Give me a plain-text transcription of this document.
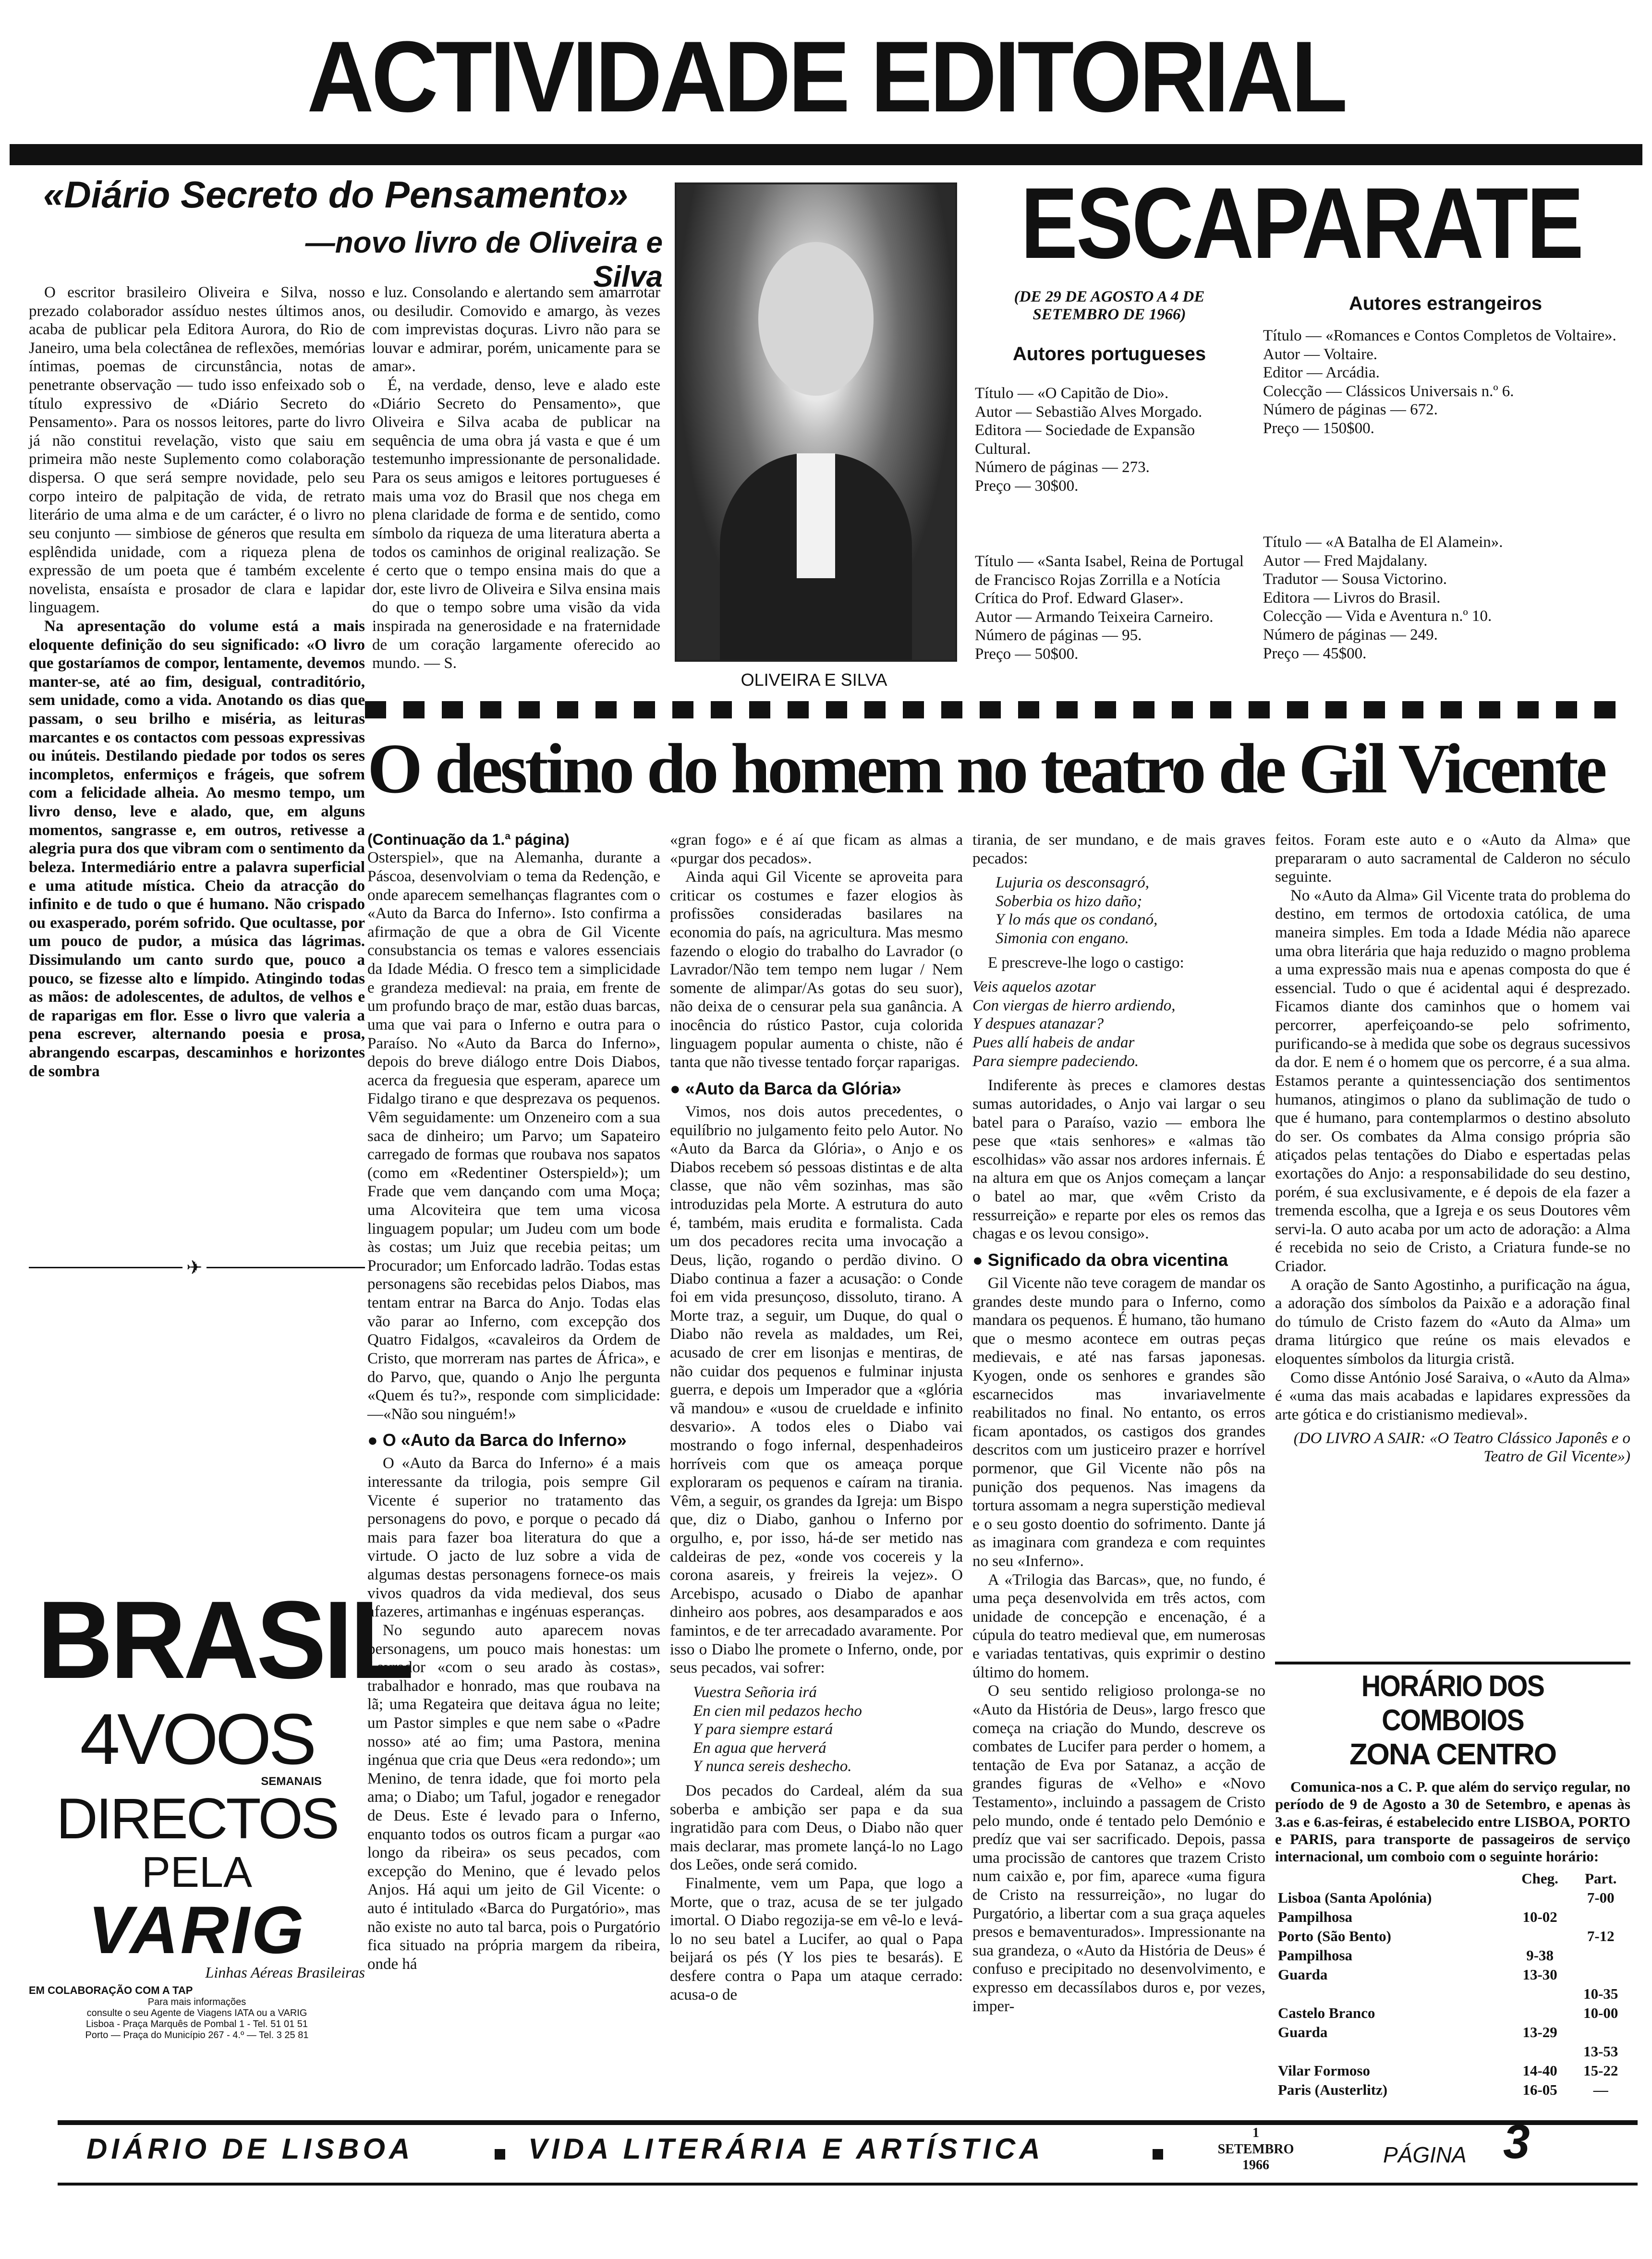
ACTIVIDADE EDITORIAL
«Diário Secreto do Pensamento»
—novo livro de Oliveira e Silva

O escritor brasileiro Oliveira e Silva, nosso prezado colaborador assíduo nestes últimos anos, acaba de publicar pela Editora Aurora, do Rio de Janeiro, uma bela colectânea de reflexões, memórias íntimas, poemas de circunstância, notas de penetrante observação — tudo isso enfeixado sob o título expressivo de «Diário Secreto do Pensamento». Para os nossos leitores, parte do livro já não constitui revelação, visto que saiu em primeira mão neste Suplemento como colaboração dispersa. O que será sempre novidade, pelo seu corpo inteiro de palpitação de vida, de retrato literário de uma alma e de um carácter, é o livro no seu conjunto — simbiose de géneros que resulta em esplêndida unidade, com a riqueza plena de expressão de um poeta que é também excelente novelista, ensaísta e prosador de clara e lapidar linguagem.

Na apresentação do volume está a mais eloquente definição do seu significado: «O livro que gostaríamos de compor, lentamente, devemos manter-se, até ao fim, desigual, contraditório, sem unidade, como a vida. Anotando os dias que passam, o seu brilho e miséria, as leituras marcantes e os contactos com pessoas expressivas ou inúteis. Destilando piedade por todos os seres incompletos, enfermiços e frágeis, que sofrem com a felicidade alheia. Ao mesmo tempo, um livro denso, leve e alado, que, em alguns momentos, sangrasse e, em outros, retivesse a alegria pura dos que vibram com o sentimento da beleza. Intermediário entre a palavra superficial e uma atitude mística. Cheio da atracção do infinito e de tudo o que é humano. Não crispado ou exasperado, porém sofrido. Que ocultasse, por um pouco de pudor, a música das lágrimas. Dissimulando um canto surdo que, pouco a pouco, se fizesse alto e límpido. Atingindo todas as mãos: de adolescentes, de adultos, de velhos e de raparigas em flor. Esse o livro que valeria a pena escrever, alternando poesia e prosa, abrangendo escarpas, descaminhos e horizontes de sombra

e luz. Consolando e alertando sem amarrotar ou desiludir. Comovido e amargo, às vezes com imprevistas doçuras. Livro não para se louvar e admirar, porém, unicamente para se amar».

É, na verdade, denso, leve e alado este «Diário Secreto do Pensamento», que Oliveira e Silva acaba de publicar na sequência de uma obra já vasta e que é um testemunho impressionante de personalidade. Para os seus amigos e leitores portugueses é mais uma voz do Brasil que nos chega em plena claridade de forma e de sentido, como símbolo da riqueza de uma literatura aberta a todos os caminhos de original realização. Se é certo que o tempo ensina mais do que a dor, este livro de Oliveira e Silva ensina mais do que o tempo sobre uma visão da vida inspirada na generosidade e na fraternidade de um coração largamente oferecido ao mundo. — S.

OLIVEIRA E SILVA
ESCAPARATE
(DE 29 DE AGOSTO A 4 DE SETEMBRO DE 1966)
Autores portugueses
Autores estrangeiros
Título — «O Capitão de Dio».
Autor — Sebastião Alves Morgado.
Editora — Sociedade de Expansão Cultural.
Número de páginas — 273.
Preço — 30$00.
Título — «Santa Isabel, Reina de Portugal de Francisco Rojas Zorrilla e a Notícia Crítica do Prof. Edward Glaser».
Autor — Armando Teixeira Carneiro.
Número de páginas — 95.
Preço — 50$00.
Título — «Romances e Contos Completos de Voltaire».
Autor — Voltaire.
Editor — Arcádia.
Colecção — Clássicos Universais n.º 6.
Número de páginas — 672.
Preço — 150$00.
Título — «A Batalha de El Alamein».
Autor — Fred Majdalany.
Tradutor — Sousa Victorino.
Editora — Livros do Brasil.
Colecção — Vida e Aventura n.º 10.
Número de páginas — 249.
Preço — 45$00.
O destino do homem no teatro de Gil Vicente
(Continuação da 1.ª página)

Osterspiel», que na Alemanha, durante a Páscoa, desenvolviam o tema da Redenção, e onde aparecem semelhanças flagrantes com o «Auto da Barca do Inferno». Isto confirma a afirmação de que a obra de Gil Vicente consubstancia os temas e valores essenciais da Idade Média. O fresco tem a simplicidade e grandeza medieval: na praia, em frente de um profundo braço de mar, estão duas barcas, uma que vai para o Inferno e outra para o Paraíso. No «Auto da Barca do Inferno», depois do breve diálogo entre Dois Diabos, acerca da freguesia que esperam, aparece um Fidalgo tirano e que desprezava os pequenos. Vêm seguidamente: um Onzeneiro com a sua saca de dinheiro; um Parvo; um Sapateiro carregado de formas que roubava nos sapatos (como em «Redentiner Osterspield»); um Frade que vem dançando com uma Moça; uma Alcoviteira que tem uma vicosa linguagem popular; um Judeu com um bode às costas; um Juiz que recebia peitas; um Procurador; um Enforcado ladrão. Todas estas personagens são recebidas pelos Diabos, mas tentam entrar na Barca do Anjo. Todas elas vão parar ao Inferno, com excepção dos Quatro Fidalgos, «cavaleiros da Ordem de Cristo, que morreram nas partes de África», e do Parvo, que, quando o Anjo lhe pergunta «Quem és tu?», responde com simplicidade: —«Não sou ninguém!»

● O «Auto da Barca do Inferno»

O «Auto da Barca do Inferno» é a mais interessante da trilogia, pois sempre Gil Vicente é superior no tratamento das personagens do povo, e porque o pecado dá mais para fazer boa literatura do que a virtude. O jacto de luz sobre a vida de algumas destas personagens fornece-os mais vivos quadros da vida medieval, dos seus afazeres, artimanhas e ingénuas esperanças.

No segundo auto aparecem novas personagens, um pouco mais honestas: um Lavrador «com o seu arado às costas», trabalhador e honrado, mas que roubava na lã; uma Regateira que deitava água no leite; um Pastor simples e que nem sabe o «Padre nosso» até ao fim; uma Pastora, menina ingénua que cria que Deus «era redondo»; um Menino, de tenra idade, que foi morto pela ama; o Diabo; um Taful, jogador e renegador de Deus. Este é levado para o Inferno, enquanto todos os outros ficam a purgar «ao longo da ribeira» os seus pecados, com excepção do Menino, que é levado pelos Anjos. Há aqui um jeito de Gil Vicente: o auto é intitulado «Barca do Purgatório», mas não existe no auto tal barca, pois o Purgatório fica situado na própria margem da ribeira, onde há

«gran fogo» e é aí que ficam as almas a «purgar dos pecados».

Ainda aqui Gil Vicente se aproveita para criticar os costumes e fazer elogios às profissões consideradas basilares na economia do país, na agricultura. Mas mesmo fazendo o elogio do trabalho do Lavrador (o Lavrador/Não tem tempo nem lugar / Nem somente de alimpar/As gotas do seu suor), não deixa de o censurar pela sua ganância. A inocência do rústico Pastor, cuja colorida linguagem popular aumenta o chiste, não é tanta que não tivesse tentado forçar raparigas.

● «Auto da Barca da Glória»

Vimos, nos dois autos precedentes, o equilíbrio no julgamento feito pelo Autor. No «Auto da Barca da Glória», o Anjo e os Diabos recebem só pessoas distintas e de alta classe, que não vêm sozinhas, mas são introduzidas pela Morte. A estrutura do auto é, também, mais erudita e formalista. Cada um dos pecadores recita uma invocação a Deus, lição, rogando o perdão divino. O Diabo continua a fazer a acusação: o Conde foi em vida presunçoso, dissoluto, tirano. A Morte traz, a seguir, um Duque, do qual o Diabo não revela as maldades, um Rei, acusado de crer em lisonjas e mentiras, de não cuidar dos pequenos e fulminar injusta guerra, e depois um Imperador que a «glória vã mandou» e «usou de crueldade e infinito desvario». A todos eles o Diabo vai mostrando o fogo infernal, despenhadeiros horríveis com que os ameaça porque exploraram os pequenos e caíram na tirania. Vêm, a seguir, os grandes da Igreja: um Bispo que, diz o Diabo, ganhou o Inferno por orgulho, e, por isso, há-de ser metido nas caldeiras de pez, «onde vos cocereis y la corona asareis, y freireis la vejez». O Arcebispo, acusado o Diabo de apanhar dinheiro aos pobres, aos desamparados e aos famintos, e de ter arrecadado avaramente. Por isso o Diabo lhe promete o Inferno, onde, por seus pecados, vai sofrer:

Vuestra Señoria irá
En cien mil pedazos hecho
Y para siempre estará
En agua que herverá
Y nunca sereis deshecho.

Dos pecados do Cardeal, além da sua soberba e ambição ser papa e da sua ingratidão para com Deus, o Diabo não quer mais declarar, mas promete lançá-lo no Lago dos Leões, onde será comido.

Finalmente, vem um Papa, que logo a Morte, que o traz, acusa de se ter julgado imortal. O Diabo regozija-se em vê-lo e levá-lo no seu batel a Lucifer, ao qual o Papa beijará os pés (Y los pies te besarás). E desfere contra o Papa um ataque cerrado: acusa-o de

tirania, de ser mundano, e de mais graves pecados:

Lujuria os desconsagró,
Soberbia os hizo daño;
Y lo más que os condanó,
Simonia con engano.

E prescreve-lhe logo o castigo:

Veis aquelos azotar
Con viergas de hierro ardiendo,
Y despues atanazar?
Pues allí habeis de andar
Para siempre padeciendo.

Indiferente às preces e clamores destas sumas autoridades, o Anjo vai largar o seu batel para o Paraíso, vazio — embora lhe pese que «tais senhores» e «almas tão escolhidas» vão assar nos ardores infernais. É na altura em que os Anjos começam a lançar o batel ao mar, que «vêm Cristo da ressurreição» e reparte por eles os remos das chagas e os levou consigo».

● Significado da obra vicentina

Gil Vicente não teve coragem de mandar os grandes deste mundo para o Inferno, como mandara os pequenos. É humano, tão humano que o mesmo acontece em outras peças medievais, e até nas farsas japonesas. Kyogen, onde os senhores e grandes são escarnecidos mas invariavelmente reabilitados no final. No entanto, os erros ficam apontados, os castigos dos grandes descritos com um justiceiro prazer e horrível pormenor, que Gil Vicente não pôs na punição dos pequenos. Nas imagens da tortura assomam a negra superstição medieval e o seu gosto doentio do sofrimento. Dante já as imaginara com grandeza e com requintes no seu «Inferno».

A «Trilogia das Barcas», que, no fundo, é uma peça desenvolvida em três actos, com unidade de concepção e encenação, é a cúpula do teatro medieval que, em numerosas e variadas tentativas, quis exprimir o destino último do homem.

O seu sentido religioso prolonga-se no «Auto da História de Deus», largo fresco que começa na criação do Mundo, descreve os combates de Lucifer para perder o homem, a tentação de Eva por Satanaz, a acção de grandes figuras de «Velho» e «Novo Testamento», incluindo a passagem de Cristo pelo mundo, onde é tentado pelo Demónio e predíz que vai ser sacrificado. Depois, passa uma procissão de cantores que trazem Cristo num caixão e, por fim, aparece «uma figura de Cristo na ressurreição», no lugar do Purgatório, a libertar com a sua graça aqueles presos e bemaventurados». Impressionante na sua grandeza, o «Auto da História de Deus» é confuso e precipitado no desenvolvimento, e expresso em decassílabos duros e, por vezes, imper-

feitos. Foram este auto e o «Auto da Alma» que prepararam o auto sacramental de Calderon no século seguinte.

No «Auto da Alma» Gil Vicente trata do problema do destino, em termos de ortodoxia católica, de uma maneira simples. Em toda a Idade Média não aparece uma obra literária que haja reduzido o magno problema a uma expressão mais nua e apenas composta do que é essencial. Tudo o que é acidental aqui é desprezado. Ficamos diante dos caminhos que o homem vai percorrer, aperfeiçoando-se pelo sofrimento, purificando-se à medida que sobe os degraus sucessivos da dor. E nem é o homem que os percorre, é a sua alma. Estamos perante a quintessenciação dos sentimentos humanos, atingimos o plano da sublimação de tudo o que é humano, para contemplarmos o destino absoluto do ser. Os combates da Alma consigo própria são atiçados pelas tentações do Diabo e espertadas pelas exortações do Anjo: a responsabilidade do seu destino, porém, é sua exclusivamente, e é depois de ela fazer a tremenda escolha, que a Igreja e os seus Doutores vêm servi-la. O auto acaba por um acto de adoração: a Alma é recebida no seio de Cristo, a Criatura funde-se no Criador.

A oração de Santo Agostinho, a purificação na água, a adoração dos símbolos da Paixão e a adoração final do túmulo de Cristo fazem do «Auto da Alma» um drama litúrgico que reúne os mais elevados e eloquentes símbolos da liturgia cristã.

Como disse António José Saraiva, o «Auto da Alma» é «uma das mais acabadas e lapidares expressões da arte gótica e do cristianismo medieval».

(DO LIVRO A SAIR: «O Teatro Clássico Japonês e o Teatro de Gil Vicente»)

✈
BRASIL
4VOOS
SEMANAIS
DIRECTOS
PELA
VARIG
Linhas Aéreas Brasileiras
EM COLABORAÇÃO COM A TAP
Para mais informações
consulte o seu Agente de Viagens IATA ou a VARIG
Lisboa - Praça Marquês de Pombal 1 - Tel. 51 01 51
Porto — Praça do Município 267 - 4.º — Tel. 3 25 81
HORÁRIO DOS COMBOIOS
ZONA CENTRO
Comunica-nos a C. P. que além do serviço regular, no período de 9 de Agosto a 30 de Setembro, e apenas às 3.as e 6.as-feiras, é estabelecido entre LISBOA, PORTO e PARIS, para transporte de passageiros de serviço internacional, um comboio com o seguinte horário:
	Cheg.	Part.
Lisboa (Santa Apolónia)		7-00
Pampilhosa	10-02	
Porto (São Bento)		7-12
Pampilhosa	9-38	
Guarda	13-30	
		10-35
Castelo Branco		10-00
Guarda	13-29	
		13-53
Vilar Formoso	14-40	15-22
Paris (Austerlitz)	16-05	—
DIÁRIO DE LISBOA	VIDA LITERÁRIA E ARTÍSTICA	1
SETEMBRO
1966	PÁGINA 3
